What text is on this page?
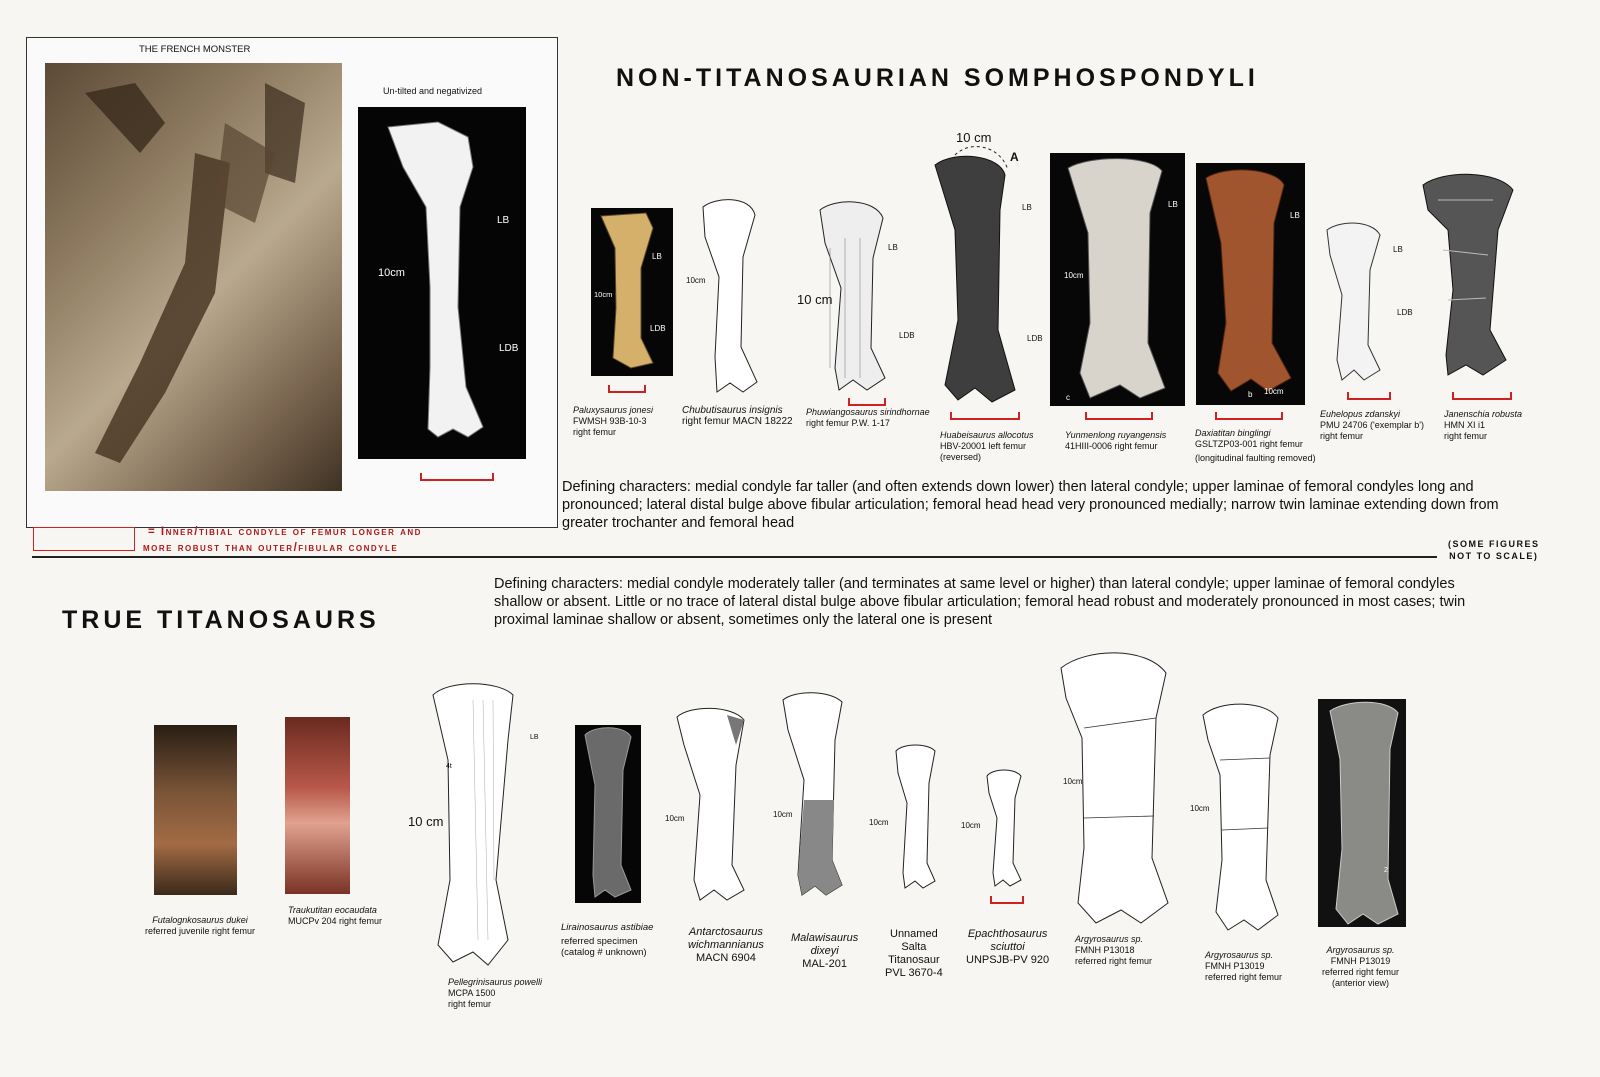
THE FRENCH MONSTER
Un-tilted and negativized
LB
LDB
10cm
= Inner/tibial condyle of femur longer and
more robust than outer/fibular condyle
NON-TITANOSAURIAN SOMPHOSPONDYLI
LB
LDB
10cm
Paluxysaurus jonesi
FWMSH 93B-10-3
right femur
10cm
Chubutisaurus insignis
right femur MACN 18222
LB
LDB
10 cm
Phuwiangosaurus sirindhornae
right femur P.W. 1-17
10 cm
A
LB
LDB
Huabeisaurus allocotus
HBV-20001 left femur
(reversed)
LB
10cm
c
Yunmenlong ruyangensis
41HIII-0006 right femur
LB
b 10cm
Daxiatitan binglingi
GSLTZP03-001 right femur
(longitudinal faulting removed)
LB
LDB
Euhelopus zdanskyi
PMU 24706 ('exemplar b')
right femur
Janenschia robusta
HMN XI i1
right femur
Defining characters: medial condyle far taller (and often extends down lower) then lateral condyle; upper laminae of femoral condyles long and pronounced; lateral distal bulge above fibular articulation; femoral head head very pronounced medially; narrow twin laminae extending down from greater trochanter and femoral head
(SOME FIGURES
NOT TO SCALE)
TRUE TITANOSAURS
Defining characters: medial condyle moderately taller (and terminates at same level or higher) than lateral condyle; upper laminae of femoral condyles shallow or absent. Little or no trace of lateral distal bulge above fibular articulation; femoral head robust and moderately pronounced in most cases; twin proximal laminae shallow or absent, sometimes only the lateral one is present
Futalognkosaurus dukei
referred juvenile right femur
Traukutitan eocaudata
MUCPv 204 right femur
LB
4t
10 cm
Pellegrinisaurus powelli
MCPA 1500
right femur
Lirainosaurus astibiae
referred specimen
(catalog # unknown)
10cm
Antarctosaurus
wichmannianus
MACN 6904
10cm
Malawisaurus
dixeyi
MAL-201
10cm
Unnamed
Salta
Titanosaur
PVL 3670-4
10cm
Epachthosaurus
sciuttoi
UNPSJB-PV 920
10cm
Argyrosaurus sp.
FMNH P13018
referred right femur
10cm
Argyrosaurus sp.
FMNH P13019
referred right femur
2
Argyrosaurus sp.
FMNH P13019
referred right femur
(anterior view)
